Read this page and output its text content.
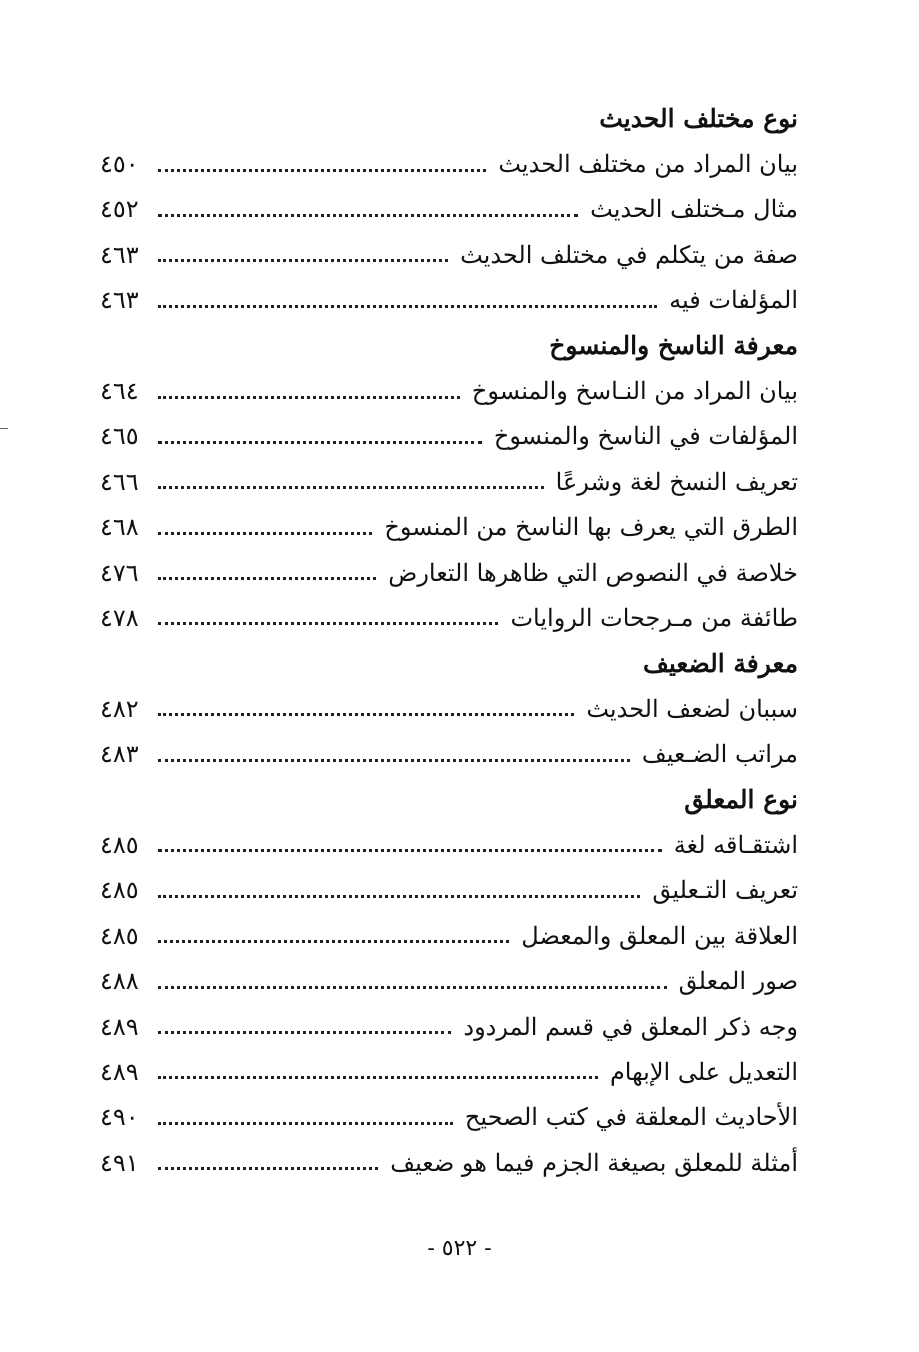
نوع مختلف الحديث
بيان المراد من مختلف الحديث
٤٥٠
مثال مـختلف الحديث
٤٥٢
صفة من يتكلم في مختلف الحديث
٤٦٣
المؤلفات فيه
٤٦٣
معرفة الناسخ والمنسوخ
بيان المراد من النـاسخ والمنسوخ
٤٦٤
المؤلفات في الناسخ والمنسوخ
٤٦٥
تعريف النسخ لغة وشرعًا
٤٦٦
الطرق التي يعرف بها الناسخ من المنسوخ
٤٦٨
خلاصة في النصوص التي ظاهرها التعارض
٤٧٦
طائفة من مـرجحات الروايات
٤٧٨
معرفة الضعيف
سببان لضعف الحديث
٤٨٢
مراتب الضـعيف
٤٨٣
نوع المعلق
اشتقـاقه لغة
٤٨٥
تعريف التـعليق
٤٨٥
العلاقة بين المعلق والمعضل
٤٨٥
صور المعلق
٤٨٨
وجه ذكر المعلق في قسم المردود
٤٨٩
التعديل على الإبهام
٤٨٩
الأحاديث المعلقة في كتب الصحيح
٤٩٠
أمثلة للمعلق بصيغة الجزم فيما هو ضعيف
٤٩١
- ٥٢٢ -
